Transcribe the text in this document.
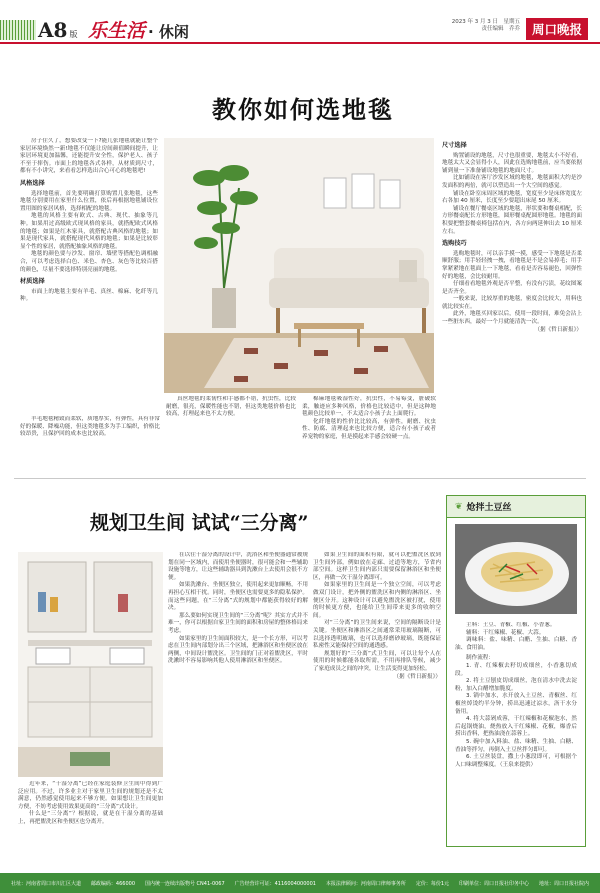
A8 版 乐生活 · 休闲
2023 年 3 月 3 日　星期五
责任编辑　乔乔 周口晚报
教你如何选地毯

房子住久了，想要改变一下?能几张地毯就能让整个家居环境焕然一新!地毯不仅能让房间颜值瞬间提升，让家居环境更加温馨，还能提升安全性，保护老人、孩子不至于摔伤。市面上的地毯各式各样，从材质到尺寸，都有不小讲究，来看看怎样选出合心可心的地毯吧!

风格选择

选择地毯前，首先要明确打算购置几张地毯，这些地毯分别要用在家里什么位置，依后再根据地毯铺设位置用图的家居风格，选择相配的地毯。

地毯的风格主要有欧式、古典、现代、抽象等几种。如果用过高级欧式现风格的家具，就搭配欧式风格的地毯；如果是红木家具，就搭配古典风格的地毯；如果是现代家具，就搭配现代风格的地毯；如果是比较彰显个性的家居，就搭配抽象风格的地毯。

地毯的颜色要与沙发、窗帘、墙壁等搭配色调相融合，可以考虑选择白色、米色、杏色、灰色等比较百搭的颜色，尽量不要选择特别亮丽的地毯。

材质选择

市面上的地毯主要有羊毛、真丝、棉麻、化纤等几种。

尺寸选择

购置铺设的地毯，尺寸也很重要，地毯太小不好看，地毯太大又会显得小人，因此在选购地毯前，应当要依据铺到量一下准备铺设地毯的地面尺寸。

比如铺设在客厅沙发区域的地毯，地毯面积大约是沙发面积的两倍，就可以塑造出一个大空间的感觉。

铺设在卧室床周区域的地毯，宽度至少是床体宽度左右各加 40 厘米，长度至少要超出床尾 50 厘米。

铺设在餐厅餐桌区域的地毯，形状要和餐桌相配，长方形餐桌配长方形地毯，圆形餐桌配圆形地毯。地毯的面积要把整套餐桌椅包括在内，各方向两延伸出去 10 厘米左右。

选购技巧

选购地毯时，可以亲手摸一摸，感受一下地毯是否柔顺舒服；用手轻轻拽一拽，看地毯是不是会易掉毛；用手掌紧紧地在毯面上一下地毯，看看是否容易褪色，回弹性好的地毯，会比较耐用。

仔细看看地毯外观是否平整，有没有污渍，花纹图案是否齐全。

一般来说，比较厚重的地毯，密度会比较大，用料也就比较实在。

此外，地毯买回家以后，使用一段时间，难免会沾上一些脏东西，最好一个月就能清洗一次。

（据《哲日新报》）

羊毛地毯精致而柔软，质地厚实，有弹性，具有非常好的保暖、降噪功能，但这类地毯多为手工编织，价格比较昂贵，且保护回的成本也比较高。

真丝地毯的柔韧性和手感都不错，抗虫性，比较耐磨，很亮，保暖性能也不错，但这类地毯价格也比较高，打理起来也不太方便。

棉麻地毯吸湿性好，抗虫性，不易霉变，脏破软柔，触迹应多种风格，价格也比较适中，但是这种地毯颜色比较单一，不太适合小孩子去上面爬行。

化纤地毯的性价比比较高，有弹性，耐磨、抗虫性、防腐、清理起来也比较方便，适合有小孩子或者养宠物的家庭，但是摸起来手感会较硬一点。

规划卫生间 试试“三分离”

近年来，“干湿分离”已经在家庭装修卫生间中得到广泛应用。不过，许多业主对于家里卫生间的规划还是不太满意，仍然感觉使用起来不够方便。如果想让卫生间更加方便，不妨考虑使用效果更高的“三分离”式设计。

什么是“三分离”？根据说，就是在干湿分离的基础上，再把盥洗区和坐便区也分离开。

在以往干湿分离的设计中，洗浴区和坐便器通常被规划在同一区域内，而使用坐便器时，很可能会和一些辅助设施等地方，让这些辅助器具到洗漱台上去使用会很不方便。

如果洗漱台、坐便区独立，使用起来更加顺畅，不用再担心互相干扰。同时，坐便区也需要更多的隐私保护。而这些问题，在“三分离”式的规划中都能获得较好的解决。

那么要如何实现卫生间的“三分离”呢？其实方式并不难一，你可以根据自家卫生间的面积和房屋的整体格局来考虑。

如果家里的卫生间面积较大，是一个长方形，可以考虑在卫生间内部划分出三个区域，把淋浴区和坐便区放在两侧，中间设计盥洗区。卫生间的门正对着盥洗区，平时洗漱时不容易影响其他人使用淋浴区和坐便区。

如果卫生间的面积有限，就可以把盥洗区放到卫生间外部，例如放在走廊、过道等地方，节省内部空间。这样卫生间内部只需要保留淋浴区和坐便区，再做一次干湿分离即可。

如果家里的卫生间是一个独立空间，可以考虑做双门设计，把外侧的盥洗区和内侧的淋浴区、坐便区分开。这种设计可以避免盥洗区被打扰，使用的时候更方便，也能给卫生间带来更多的收纳空间。

对“三分离”的卫生间来说，空间的隔断设计是关键。坐便区和淋浴区之间通常采用玻璃隔断，可以选择透明玻璃，也可以选择磨砂玻璃，既能保证私密性又能保持空间的通透感。

规划好的“三分离”式卫生间，可以让每个人在使用的时候都能各取所需，不用再排队等候，减少了家庭成员之间的冲突，让生活变得更加轻松。

（据《哲日新报》）
❦ 炝拌土豆丝

主料：土豆、青椒、红椒、小香葱。

辅料：干红辣椒、花椒、大蒜。

调味料：盐、味精、白醋、生抽、白糖、香油、食用油。

制作流程：

1. 青、红辣椒去籽切成细丝，小香葱切成段。

2. 将土豆刨皮切成细丝，泡在清水中洗去淀粉，加入白醋增加脆度。

3. 锅中加水，水开放入土豆丝、青椒丝、红椒丝焯烫约半分钟，捞出迅速过凉水，沥干水分备用。

4. 将大蒜剁成蓉，干红辣椒和花椒泡水，然后起锅烧油，烧热放入干红辣椒、花椒，爆香后捞出香料，把热油浇在蒜蓉上。

5. 碗中加入料油、盐、味精、生抽、白糖、香油等拌匀，再倒入土豆丝拌匀即可。

6. 土豆丝装盘，撒上小葱段即可，可根据个人口味调整辣度。（王泉来提供）

社址：河南省周口市川汇区大道 邮政编码：466000 国内统一连续出版物号 CN41-0067 广告经营许可证：4116004000001 本报法律顾问：河南周口律师事务所 定价：每份1元 印刷单位：周口日报社印务中心 地址：周口日报社院内
